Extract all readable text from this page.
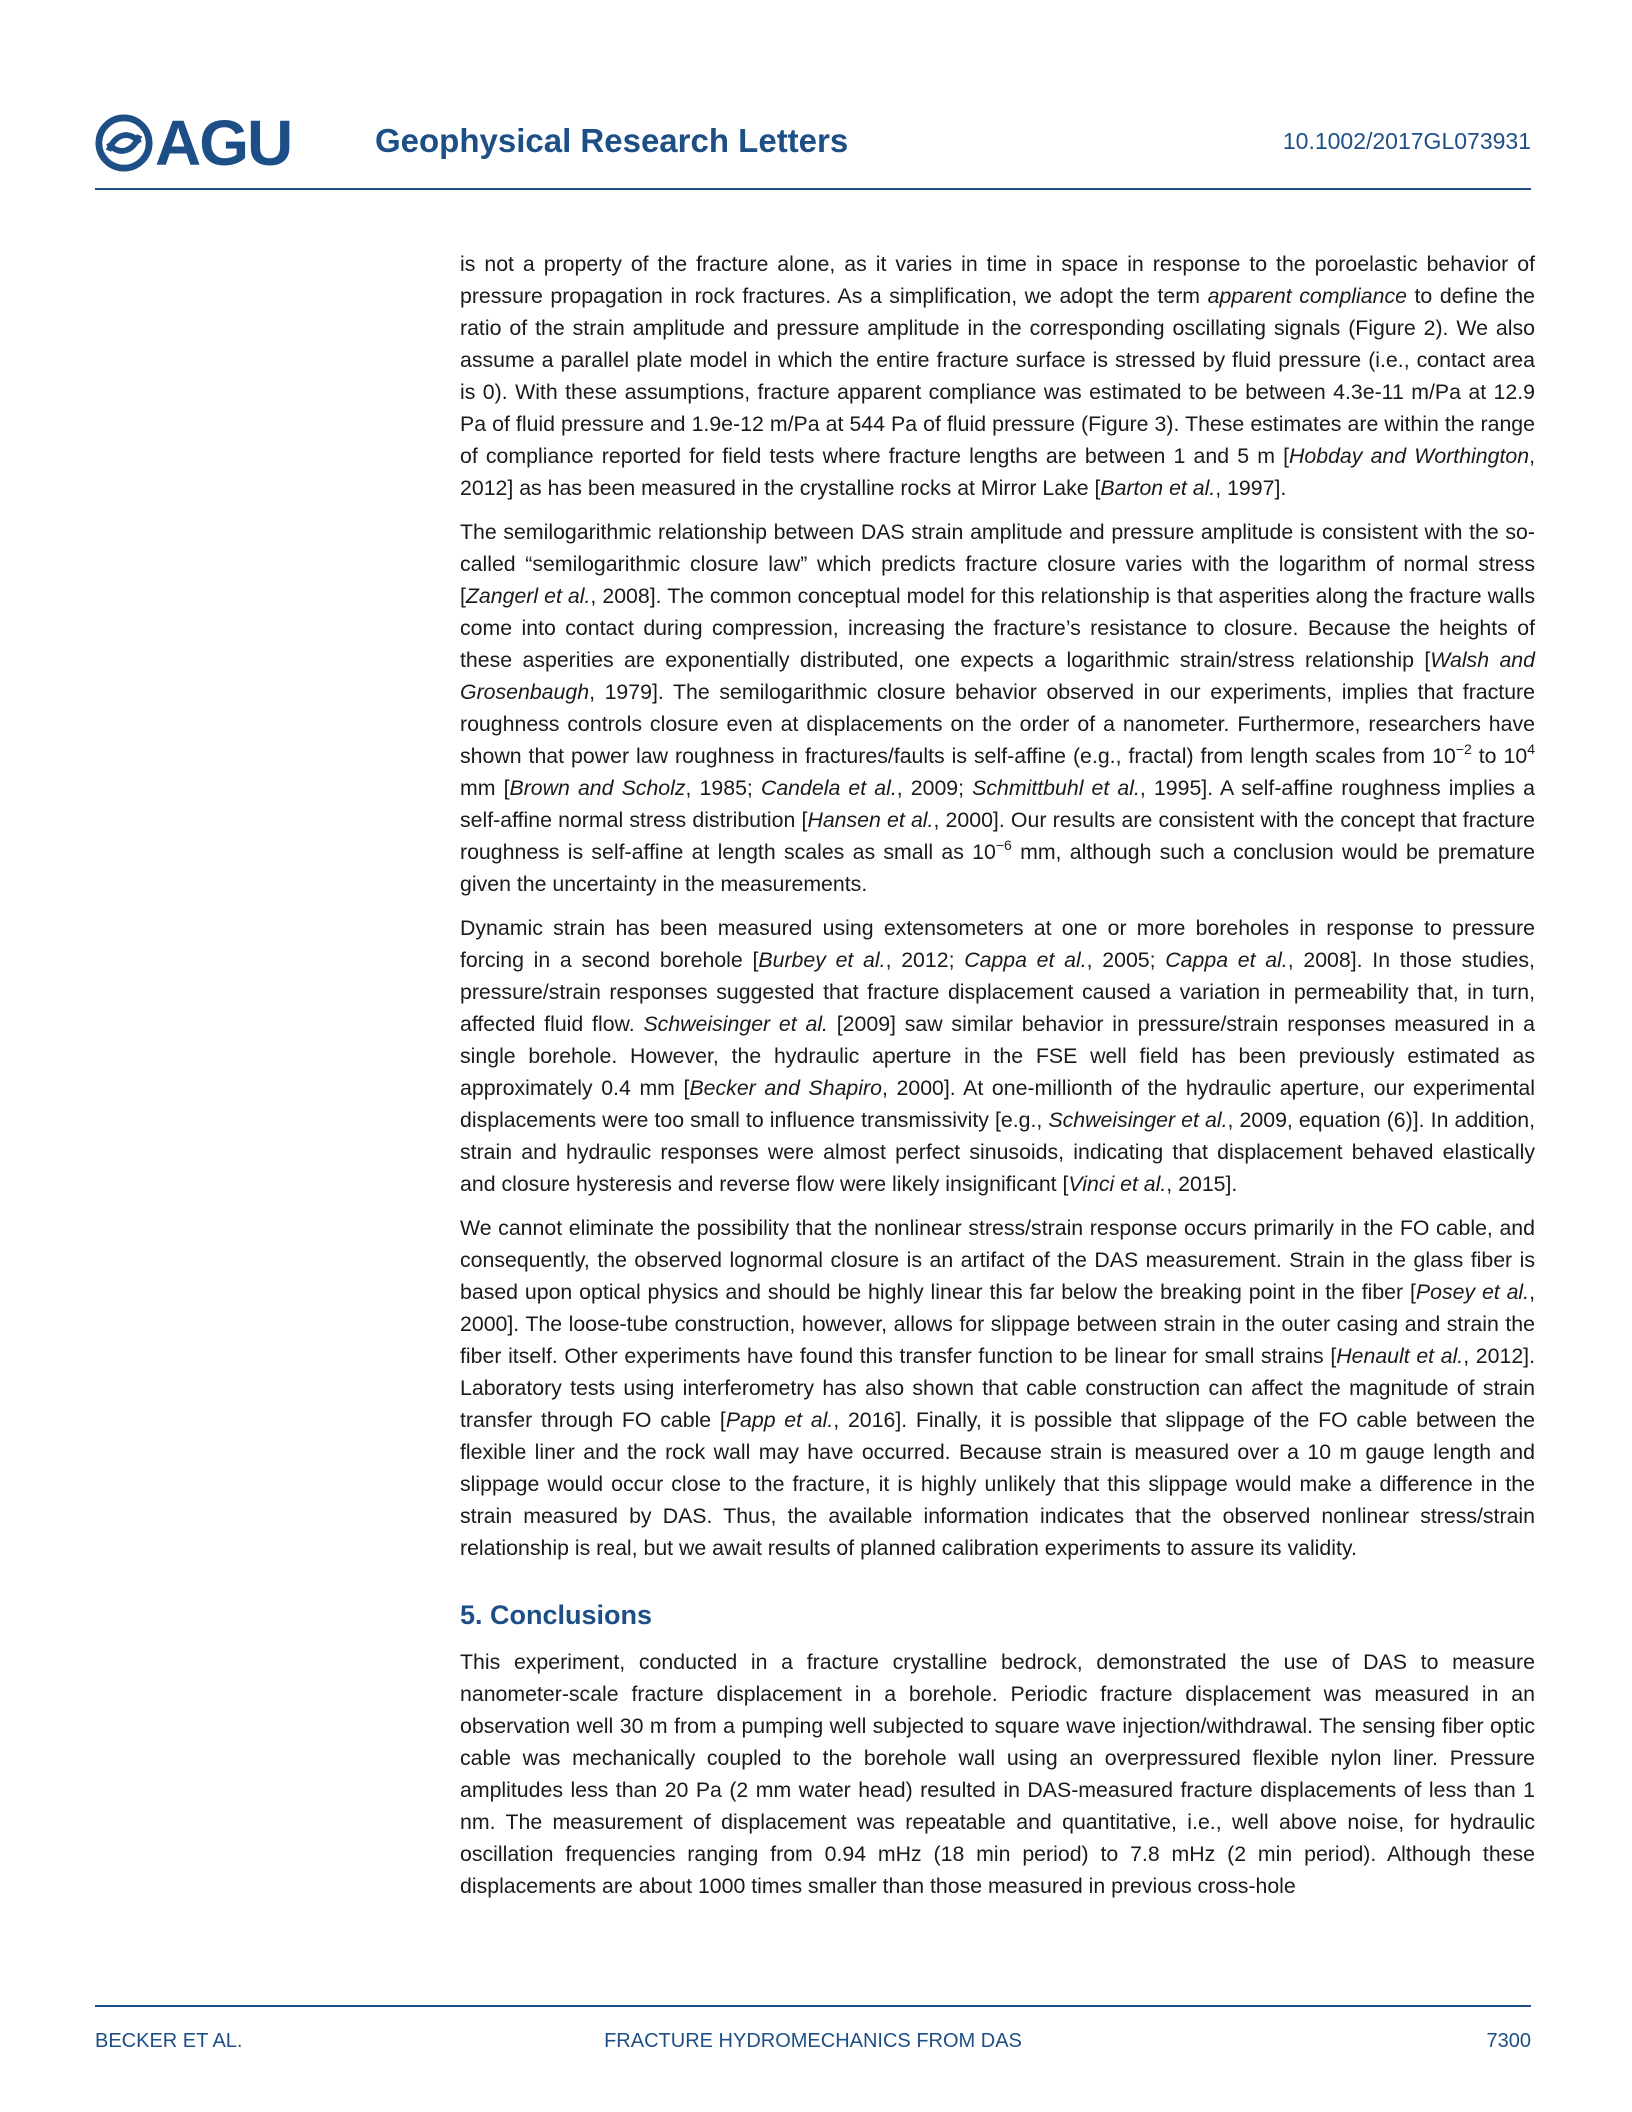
AGU	Geophysical Research Letters	10.1002/2017GL073931

is not a property of the fracture alone, as it varies in time in space in response to the poroelastic behavior of pressure propagation in rock fractures. As a simplification, we adopt the term apparent compliance to define the ratio of the strain amplitude and pressure amplitude in the corresponding oscillating signals (Figure 2). We also assume a parallel plate model in which the entire fracture surface is stressed by fluid pressure (i.e., contact area is 0). With these assumptions, fracture apparent compliance was estimated to be between 4.3e-11 m/Pa at 12.9 Pa of fluid pressure and 1.9e-12 m/Pa at 544 Pa of fluid pressure (Figure 3). These estimates are within the range of compliance reported for field tests where fracture lengths are between 1 and 5 m [Hobday and Worthington, 2012] as has been measured in the crystalline rocks at Mirror Lake [Barton et al., 1997].

The semilogarithmic relationship between DAS strain amplitude and pressure amplitude is consistent with the so-called “semilogarithmic closure law” which predicts fracture closure varies with the logarithm of normal stress [Zangerl et al., 2008]. The common conceptual model for this relationship is that asperities along the fracture walls come into contact during compression, increasing the fracture’s resistance to closure. Because the heights of these asperities are exponentially distributed, one expects a logarithmic strain/stress relationship [Walsh and Grosenbaugh, 1979]. The semilogarithmic closure behavior observed in our experiments, implies that fracture roughness controls closure even at displacements on the order of a nanometer. Furthermore, researchers have shown that power law roughness in fractures/faults is self-affine (e.g., fractal) from length scales from $10^{-2}$ to $10^4$ mm [Brown and Scholz, 1985; Candela et al., 2009; Schmittbuhl et al., 1995]. A self-affine roughness implies a self-affine normal stress distribution [Hansen et al., 2000]. Our results are consistent with the concept that fracture roughness is self-affine at length scales as small as $10^{-6}$ mm, although such a conclusion would be premature given the uncertainty in the measurements.

Dynamic strain has been measured using extensometers at one or more boreholes in response to pressure forcing in a second borehole [Burbey et al., 2012; Cappa et al., 2005; Cappa et al., 2008]. In those studies, pressure/strain responses suggested that fracture displacement caused a variation in permeability that, in turn, affected fluid flow. Schweisinger et al. [2009] saw similar behavior in pressure/strain responses measured in a single borehole. However, the hydraulic aperture in the FSE well field has been previously estimated as approximately 0.4 mm [Becker and Shapiro, 2000]. At one-millionth of the hydraulic aperture, our experimental displacements were too small to influence transmissivity [e.g., Schweisinger et al., 2009, equation (6)]. In addition, strain and hydraulic responses were almost perfect sinusoids, indicating that displacement behaved elastically and closure hysteresis and reverse flow were likely insignificant [Vinci et al., 2015].

We cannot eliminate the possibility that the nonlinear stress/strain response occurs primarily in the FO cable, and consequently, the observed lognormal closure is an artifact of the DAS measurement. Strain in the glass fiber is based upon optical physics and should be highly linear this far below the breaking point in the fiber [Posey et al., 2000]. The loose-tube construction, however, allows for slippage between strain in the outer casing and strain the fiber itself. Other experiments have found this transfer function to be linear for small strains [Henault et al., 2012]. Laboratory tests using interferometry has also shown that cable construction can affect the magnitude of strain transfer through FO cable [Papp et al., 2016]. Finally, it is possible that slippage of the FO cable between the flexible liner and the rock wall may have occurred. Because strain is measured over a 10 m gauge length and slippage would occur close to the fracture, it is highly unlikely that this slippage would make a difference in the strain measured by DAS. Thus, the available information indicates that the observed nonlinear stress/strain relationship is real, but we await results of planned calibration experiments to assure its validity.

5. Conclusions

This experiment, conducted in a fracture crystalline bedrock, demonstrated the use of DAS to measure nanometer-scale fracture displacement in a borehole. Periodic fracture displacement was measured in an observation well 30 m from a pumping well subjected to square wave injection/withdrawal. The sensing fiber optic cable was mechanically coupled to the borehole wall using an overpressured flexible nylon liner. Pressure amplitudes less than 20 Pa (2 mm water head) resulted in DAS-measured fracture displacements of less than 1 nm. The measurement of displacement was repeatable and quantitative, i.e., well above noise, for hydraulic oscillation frequencies ranging from 0.94 mHz (18 min period) to 7.8 mHz (2 min period). Although these displacements are about 1000 times smaller than those measured in previous cross-hole

BECKER ET AL.	FRACTURE HYDROMECHANICS FROM DAS	7300
